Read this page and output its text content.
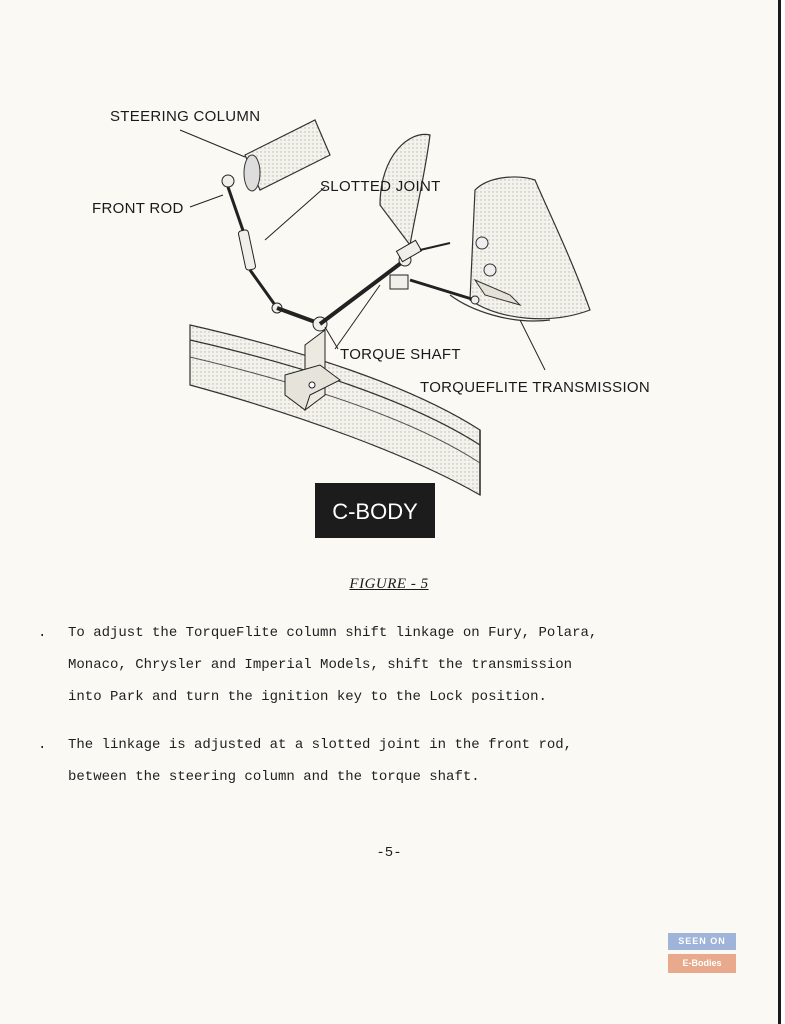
STEERING COLUMN
FRONT ROD
SLOTTED JOINT
TORQUE SHAFT
TORQUEFLITE TRANSMISSION
C-BODY
FIGURE - 5
. To adjust the TorqueFlite column shift linkage on Fury, Polara,
Monaco, Chrysler and Imperial Models, shift the transmission
into Park and turn the ignition key to the Lock position.
. The linkage is adjusted at a slotted joint in the front rod,
between the steering column and the torque shaft.
-5-
SEEN ON
E-Bodies
